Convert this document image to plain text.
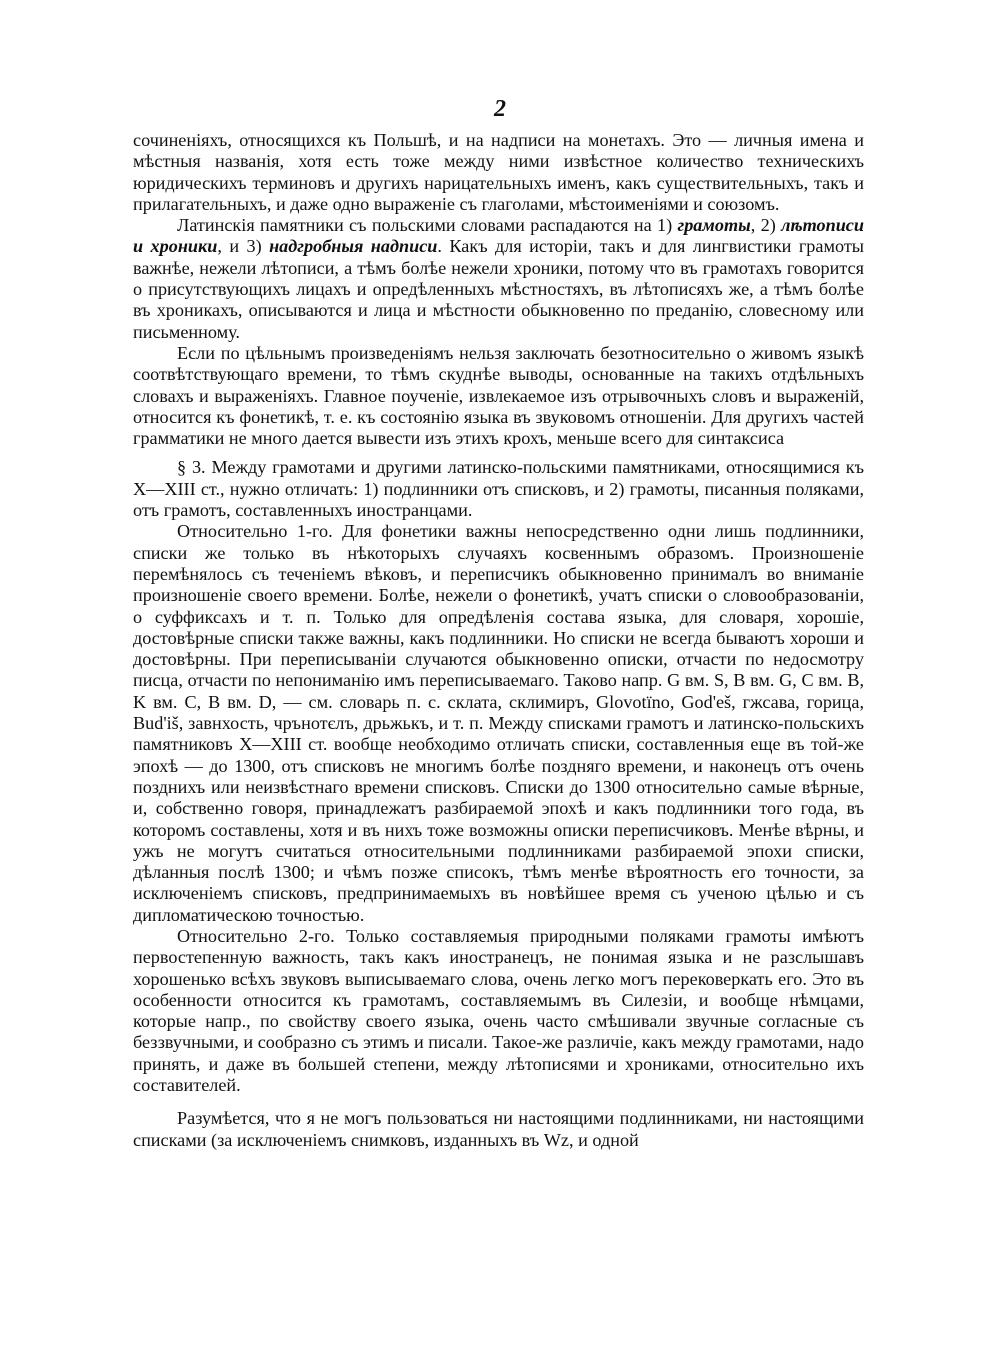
2

сочиненіяхъ, относящихся къ Польшѣ, и на надписи на монетахъ. Это — личныя имена и мѣстныя названія, хотя есть тоже между ними извѣстное количество техническихъ юридическихъ терминовъ и другихъ нарицательныхъ именъ, какъ существительныхъ, такъ и прилагательныхъ, и даже одно выраженіе съ глаголами, мѣстоименіями и союзомъ.

Латинскія памятники съ польскими словами распадаются на 1) грамоты, 2) лѣтописи и хроники, и 3) надгробныя надписи. Какъ для исторіи, такъ и для лингвистики грамоты важнѣе, нежели лѣтописи, а тѣмъ болѣе нежели хроники, потому что въ грамотахъ говорится о присутствующихъ лицахъ и опредѣленныхъ мѣстностяхъ, въ лѣтописяхъ же, а тѣмъ болѣе въ хроникахъ, описываются и лица и мѣстности обыкновенно по преданію, словесному или письменному.

Если по цѣльнымъ произведеніямъ нельзя заключать безотносительно о живомъ языкѣ соотвѣтствующаго времени, то тѣмъ скуднѣе выводы, основанные на такихъ отдѣльныхъ словахъ и выраженіяхъ. Главное поученіе, извлекаемое изъ отрывочныхъ словъ и выраженій, относится къ фонетикѣ, т. е. къ состоянію языка въ звуковомъ отношеніи. Для другихъ частей грамматики не много дается вывести изъ этихъ крохъ, меньше всего для синтаксиса

§ 3. Между грамотами и другими латинско-польскими памятниками, относящимися къ X—XIII ст., нужно отличать: 1) подлинники отъ списковъ, и 2) грамоты, писанныя поляками, отъ грамотъ, составленныхъ иностранцами.

Относительно 1-го. Для фонетики важны непосредственно одни лишь подлинники, списки же только въ нѣкоторыхъ случаяхъ косвеннымъ образомъ. Произношеніе перемѣнялось съ теченіемъ вѣковъ, и переписчикъ обыкновенно принималъ во вниманіе произношеніе своего времени. Болѣе, нежели о фонетикѣ, учатъ списки о словообразованіи, о суффиксахъ и т. п. Только для опредѣленія состава языка, для словаря, хорошіе, достовѣрные списки также важны, какъ подлинники. Но списки не всегда бываютъ хороши и достовѣрны. При переписываніи случаются обыкновенно описки, отчасти по недосмотру писца, отчасти по непониманію имъ переписываемаго. Таково напр. G вм. S, B вм. G, C вм. B, K вм. C, B вм. D, — см. словарь п. с. склата, склимиръ, Glovotїno, God'eš, гжсава, горица, Bud'iš, завнхость, чрънотєлъ, дрьжькъ, и т. п. Между списками грамотъ и латинско-польскихъ памятниковъ X—XIII ст. вообще необходимо отличать списки, составленныя еще въ той-же эпохѣ — до 1300, отъ списковъ не многимъ болѣе поздняго времени, и наконецъ отъ очень позднихъ или неизвѣстнаго времени списковъ. Списки до 1300 относительно самые вѣрные, и, собственно говоря, принадлежатъ разбираемой эпохѣ и какъ подлинники того года, въ которомъ составлены, хотя и въ нихъ тоже возможны описки переписчиковъ. Менѣе вѣрны, и ужъ не могутъ считаться относительными подлинниками разбираемой эпохи списки, дѣланныя послѣ 1300; и чѣмъ позже списокъ, тѣмъ менѣе вѣроятность его точности, за исключеніемъ списковъ, предпринимаемыхъ въ новѣйшее время съ ученою цѣлью и съ дипломатическою точностью.

Относительно 2-го. Только составляемыя природными поляками грамоты имѣютъ первостепенную важность, такъ какъ иностранецъ, не понимая языка и не разслышавъ хорошенько всѣхъ звуковъ выписываемаго слова, очень легко могъ перековеркать его. Это въ особенности относится къ грамотамъ, составляемымъ въ Силезіи, и вообще нѣмцами, которые напр., по свойству своего языка, очень часто смѣшивали звучные согласные съ беззвучными, и сообразно съ этимъ и писали. Такое-же различіе, какъ между грамотами, надо принять, и даже въ большей степени, между лѣтописями и хрониками, относительно ихъ составителей.

Разумѣется, что я не могъ пользоваться ни настоящими подлинниками, ни настоящими списками (за исключеніемъ снимковъ, изданныхъ въ Wz, и одной
